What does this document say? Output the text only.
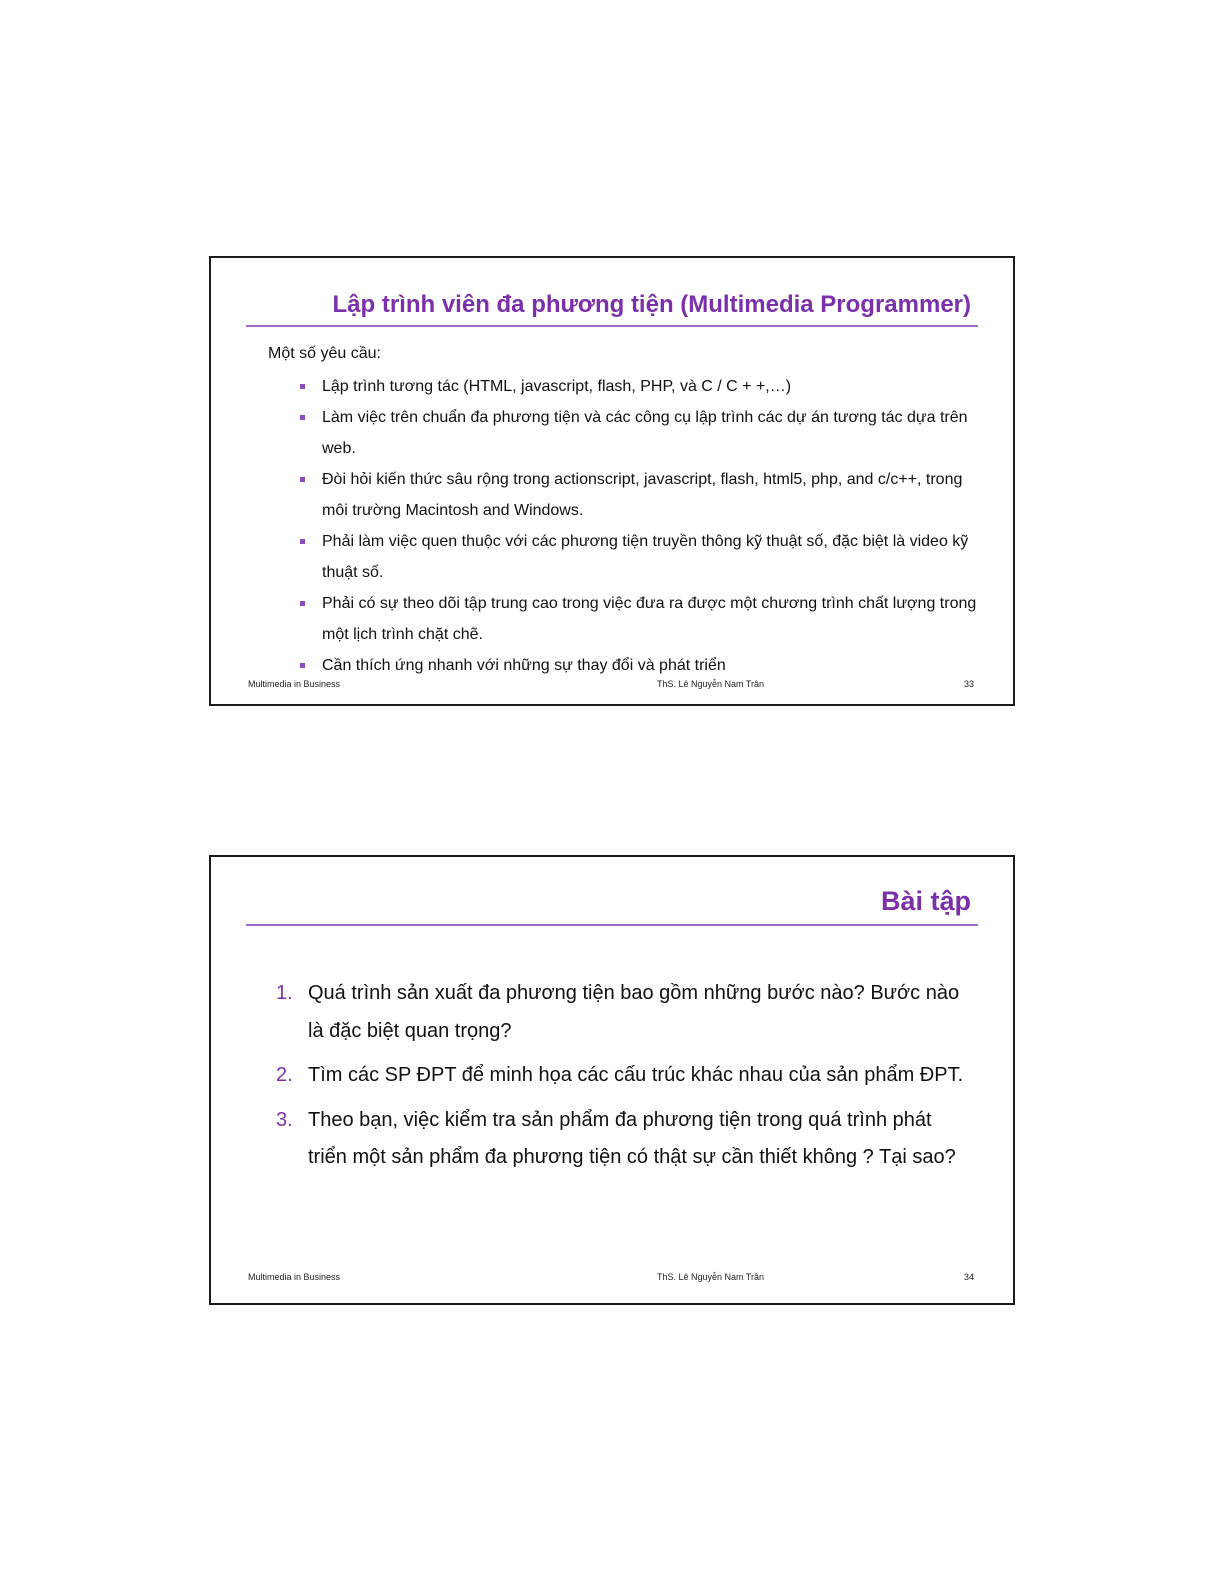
Lập trình viên đa phương tiện (Multimedia Programmer)
Một số yêu cầu:
Lập trình tương tác (HTML, javascript, flash, PHP, và C / C + +,…)
Làm việc trên chuẩn đa phương tiện và các công cụ lập trình các dự án tương tác dựa trên web.
Đòi hỏi kiến thức sâu rộng trong actionscript, javascript, flash, html5, php, and c/c++, trong môi trường Macintosh and Windows.
Phải làm việc quen thuộc với các phương tiện truyền thông kỹ thuật số, đặc biệt là video kỹ thuật số.
Phải có sự theo dõi tập trung cao trong việc đưa ra được một chương trình chất lượng trong một lịch trình chặt chẽ.
Cần thích ứng nhanh với những sự thay đổi và phát triển
Multimedia in Business	ThS. Lê Nguyễn Nam Trân	33
Bài tập
1. Quá trình sản xuất đa phương tiện bao gồm những bước nào? Bước nào là đặc biệt quan trọng?
2. Tìm các SP ĐPT để minh họa các cấu trúc khác nhau của sản phẩm ĐPT.
3. Theo bạn, việc kiểm tra sản phẩm đa phương tiện trong quá trình phát triển một sản phẩm đa phương tiện có thật sự cần thiết không ? Tại sao?
Multimedia in Business	ThS. Lê Nguyễn Nam Trân	34
